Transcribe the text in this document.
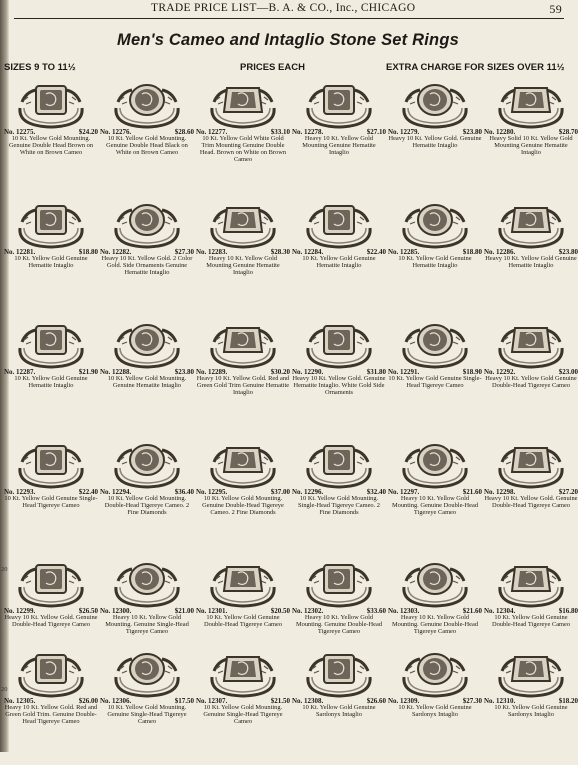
TRADE PRICE LIST—B. A. & CO., Inc., CHICAGO	59
Men's Cameo and Intaglio Stone Set Rings
SIZES 9 TO 11½	PRICES EACH	EXTRA CHARGE FOR SIZES OVER 11½
20
20
No. 12275.	$24.20
10 Kt. Yellow Gold Mounting. Genuine Double Head Brown on White on Brown Cameo
No. 12276.	$28.60
10 Kt. Yellow Gold Mounting. Genuine Double Head Black on White on Brown Cameo
No. 12277.	$33.10
10 Kt. Yellow Gold White Gold Trim Mounting Genuine Double Head. Brown on White on Brown Cameo
No. 12278.	$27.10
Heavy 10 Kt. Yellow Gold Mounting Genuine Hematite Intaglio
No. 12279.	$23.80
Heavy 10 Kt. Yellow Gold. Genuine Hematite Intaglio
No. 12280.	$28.70
Heavy Solid 10 Kt. Yellow Gold Mounting Genuine Hematite Intaglio
No. 12281.	$18.80
10 Kt. Yellow Gold Genuine Hematite Intaglio
No. 12282.	$27.30
Heavy 10 Kt. Yellow Gold. 2 Color Gold. Side Ornaments Genuine Hematite Intaglio
No. 12283.	$28.30
Heavy 10 Kt. Yellow Gold Mounting Genuine Hematite Intaglio
No. 12284.	$22.40
10 Kt. Yellow Gold Genuine Hematite Intaglio
No. 12285.	$18.80
10 Kt. Yellow Gold Genuine Hematite Intaglio
No. 12286.	$23.80
Heavy 10 Kt. Yellow Gold Genuine Hematite Intaglio
No. 12287.	$21.90
10 Kt. Yellow Gold Genuine Hematite Intaglio
No. 12288.	$23.80
10 Kt. Yellow Gold Mounting. Genuine Hematite Intaglio
No. 12289.	$30.20
Heavy 10 Kt. Yellow Gold. Red and Green Gold Trim Genuine Hematite Intaglio
No. 12290.	$31.80
Heavy 10 Kt. Yellow Gold. Genuine Hematite Intaglio. White Gold Side Ornaments
No. 12291.	$18.90
10 Kt. Yellow Gold Genuine Single-Head Tigereye Cameo
No. 12292.	$23.00
Heavy 10 Kt. Yellow Gold Genuine Double-Head Tigereye Cameo
No. 12293.	$22.40
10 Kt. Yellow Gold Genuine Single-Head Tigereye Cameo
No. 12294.	$36.40
10 Kt. Yellow Gold Mounting. Double-Head Tigereye Cameo. 2 Fine Diamonds
No. 12295.	$37.00
10 Kt. Yellow Gold Mounting. Genuine Double-Head Tigereye Cameo. 2 Fine Diamonds
No. 12296.	$32.40
10 Kt. Yellow Gold Mounting. Single-Head Tigereye Cameo. 2 Fine Diamonds
No. 12297.	$21.60
Heavy 10 Kt. Yellow Gold Mounting. Genuine Double-Head Tigereye Cameo
No. 12298.	$27.20
Heavy 10 Kt. Yellow Gold. Genuine Double-Head Tigereye Cameo
No. 12299.	$26.50
Heavy 10 Kt. Yellow Gold. Genuine Double-Head Tigereye Cameo
No. 12300.	$21.00
Heavy 10 Kt. Yellow Gold Mounting. Genuine Single-Head Tigereye Cameo
No. 12301.	$20.50
10 Kt. Yellow Gold Genuine Double-Head Tigereye Cameo
No. 12302.	$33.60
Heavy 10 Kt. Yellow Gold Mounting. Genuine Double-Head Tigereye Cameo
No. 12303.	$21.60
Heavy 10 Kt. Yellow Gold Mounting. Genuine Double-Head Tigereye Cameo
No. 12304.	$16.80
10 Kt. Yellow Gold Genuine Double-Head Tigereye Cameo
No. 12305.	$26.00
Heavy 10 Kt. Yellow Gold. Red and Green Gold Trim. Genuine Double-Head Tigereye Cameo
No. 12306.	$17.50
10 Kt. Yellow Gold Mounting. Genuine Single-Head Tigereye Cameo
No. 12307.	$21.50
10 Kt. Yellow Gold Mounting. Genuine Single-Head Tigereye Cameo
No. 12308.	$26.60
10 Kt. Yellow Gold Genuine Sardonyx Intaglio
No. 12309.	$27.30
10 Kt. Yellow Gold Genuine Sardonyx Intaglio
No. 12310.	$18.20
10 Kt. Yellow Gold Genuine Sardonyx Intaglio
